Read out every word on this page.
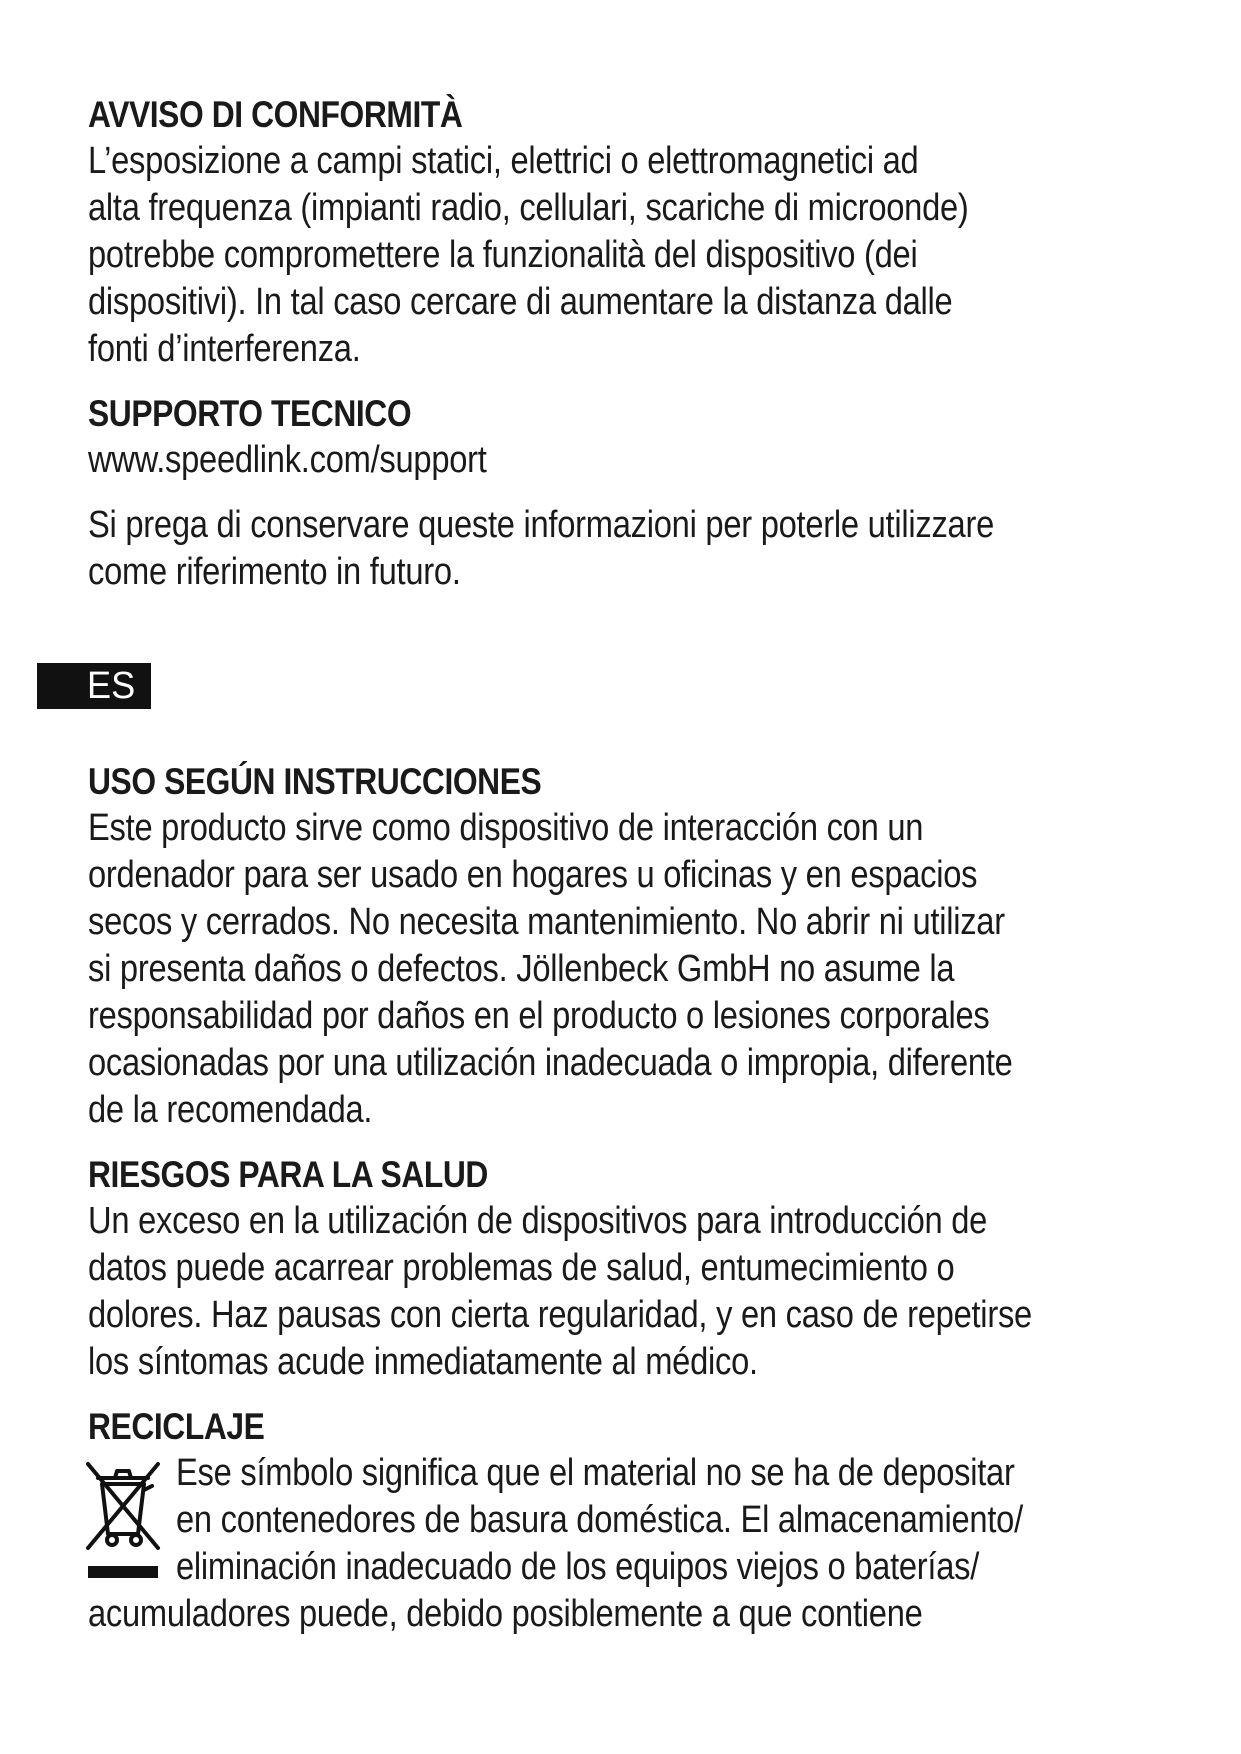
AVVISO DI CONFORMITÀ

L’esposizione a campi statici, elettrici o elettromagnetici ad
alta frequenza (impianti radio, cellulari, scariche di microonde)
potrebbe compromettere la funzionalità del dispositivo (dei
dispositivi). In tal caso cercare di aumentare la distanza dalle
fonti d’interferenza.

SUPPORTO TECNICO

www.speedlink.com/support

Si prega di conservare queste informazioni per poterle utilizzare
come riferimento in futuro.

USO SEGÚN INSTRUCCIONES

Este producto sirve como dispositivo de interacción con un
ordenador para ser usado en hogares u oficinas y en espacios
secos y cerrados. No necesita mantenimiento. No abrir ni utilizar
si presenta daños o defectos. Jöllenbeck GmbH no asume la
responsabilidad por daños en el producto o lesiones corporales
ocasionadas por una utilización inadecuada o impropia, diferente
de la recomendada.

RIESGOS PARA LA SALUD

Un exceso en la utilización de dispositivos para introducción de
datos puede acarrear problemas de salud, entumecimiento o
dolores. Haz pausas con cierta regularidad, y en caso de repetirse
los síntomas acude inmediatamente al médico.

RECICLAJE
Ese símbolo significa que el material no se ha de depositar
en contenedores de basura doméstica. El almacenamiento/
eliminación inadecuado de los equipos viejos o baterías/

acumuladores puede, debido posiblemente a que contiene

ES
